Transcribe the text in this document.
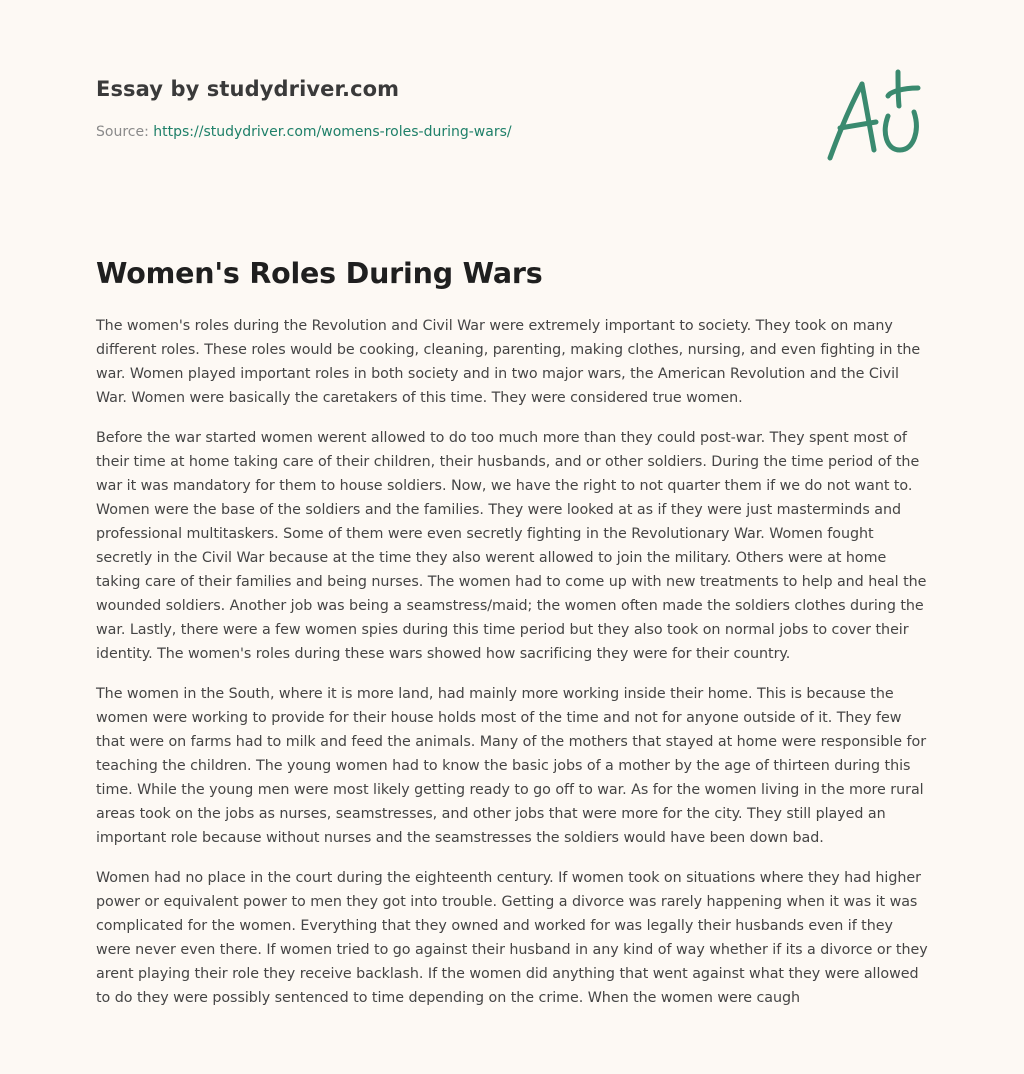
Essay by studydriver.com
Source: https://studydriver.com/womens-roles-during-wars/
Women's Roles During Wars

The women's roles during the Revolution and Civil War were extremely important to society. They took on many different roles. These roles would be cooking, cleaning, parenting, making clothes, nursing, and even fighting in the war. Women played important roles in both society and in two major wars, the American Revolution and the Civil War. Women were basically the caretakers of this time. They were considered true women.

Before the war started women werent allowed to do too much more than they could post-war. They spent most of their time at home taking care of their children, their husbands, and or other soldiers. During the time period of the war it was mandatory for them to house soldiers. Now, we have the right to not quarter them if we do not want to. Women were the base of the soldiers and the families. They were looked at as if they were just masterminds and professional multitaskers. Some of them were even secretly fighting in the Revolutionary War. Women fought secretly in the Civil War because at the time they also werent allowed to join the military. Others were at home taking care of their families and being nurses. The women had to come up with new treatments to help and heal the wounded soldiers. Another job was being a seamstress/maid; the women often made the soldiers clothes during the war. Lastly, there were a few women spies during this time period but they also took on normal jobs to cover their identity. The women's roles during these wars showed how sacrificing they were for their country.

The women in the South, where it is more land, had mainly more working inside their home. This is because the women were working to provide for their house holds most of the time and not for anyone outside of it. They few that were on farms had to milk and feed the animals. Many of the mothers that stayed at home were responsible for teaching the children. The young women had to know the basic jobs of a mother by the age of thirteen during this time. While the young men were most likely getting ready to go off to war. As for the women living in the more rural areas took on the jobs as nurses, seamstresses, and other jobs that were more for the city. They still played an important role because without nurses and the seamstresses the soldiers would have been down bad.

Women had no place in the court during the eighteenth century. If women took on situations where they had higher power or equivalent power to men they got into trouble. Getting a divorce was rarely happening when it was it was complicated for the women. Everything that they owned and worked for was legally their husbands even if they were never even there. If women tried to go against their husband in any kind of way whether if its a divorce or they arent playing their role they receive backlash. If the women did anything that went against what they were allowed to do they were possibly sentenced to time depending on the crime. When the women were caugh
